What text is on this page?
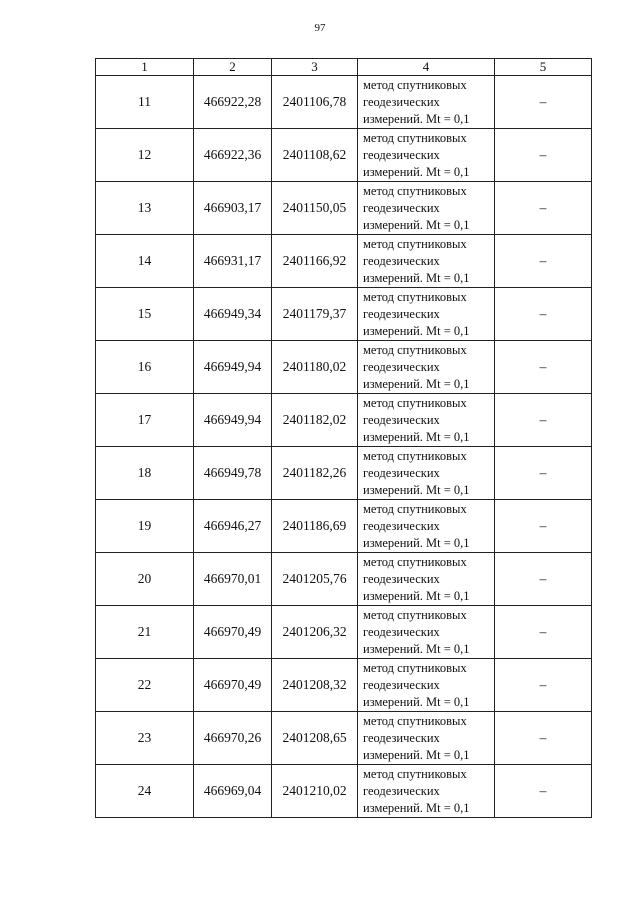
97
1	2	3	4	5
11	466922,28	2401106,78	метод спутниковых
геодезических
измерений. Mt = 0,1	–
12	466922,36	2401108,62	метод спутниковых
геодезических
измерений. Mt = 0,1	–
13	466903,17	2401150,05	метод спутниковых
геодезических
измерений. Mt = 0,1	–
14	466931,17	2401166,92	метод спутниковых
геодезических
измерений. Mt = 0,1	–
15	466949,34	2401179,37	метод спутниковых
геодезических
измерений. Mt = 0,1	–
16	466949,94	2401180,02	метод спутниковых
геодезических
измерений. Mt = 0,1	–
17	466949,94	2401182,02	метод спутниковых
геодезических
измерений. Mt = 0,1	–
18	466949,78	2401182,26	метод спутниковых
геодезических
измерений. Mt = 0,1	–
19	466946,27	2401186,69	метод спутниковых
геодезических
измерений. Mt = 0,1	–
20	466970,01	2401205,76	метод спутниковых
геодезических
измерений. Mt = 0,1	–
21	466970,49	2401206,32	метод спутниковых
геодезических
измерений. Mt = 0,1	–
22	466970,49	2401208,32	метод спутниковых
геодезических
измерений. Mt = 0,1	–
23	466970,26	2401208,65	метод спутниковых
геодезических
измерений. Mt = 0,1	–
24	466969,04	2401210,02	метод спутниковых
геодезических
измерений. Mt = 0,1	–
